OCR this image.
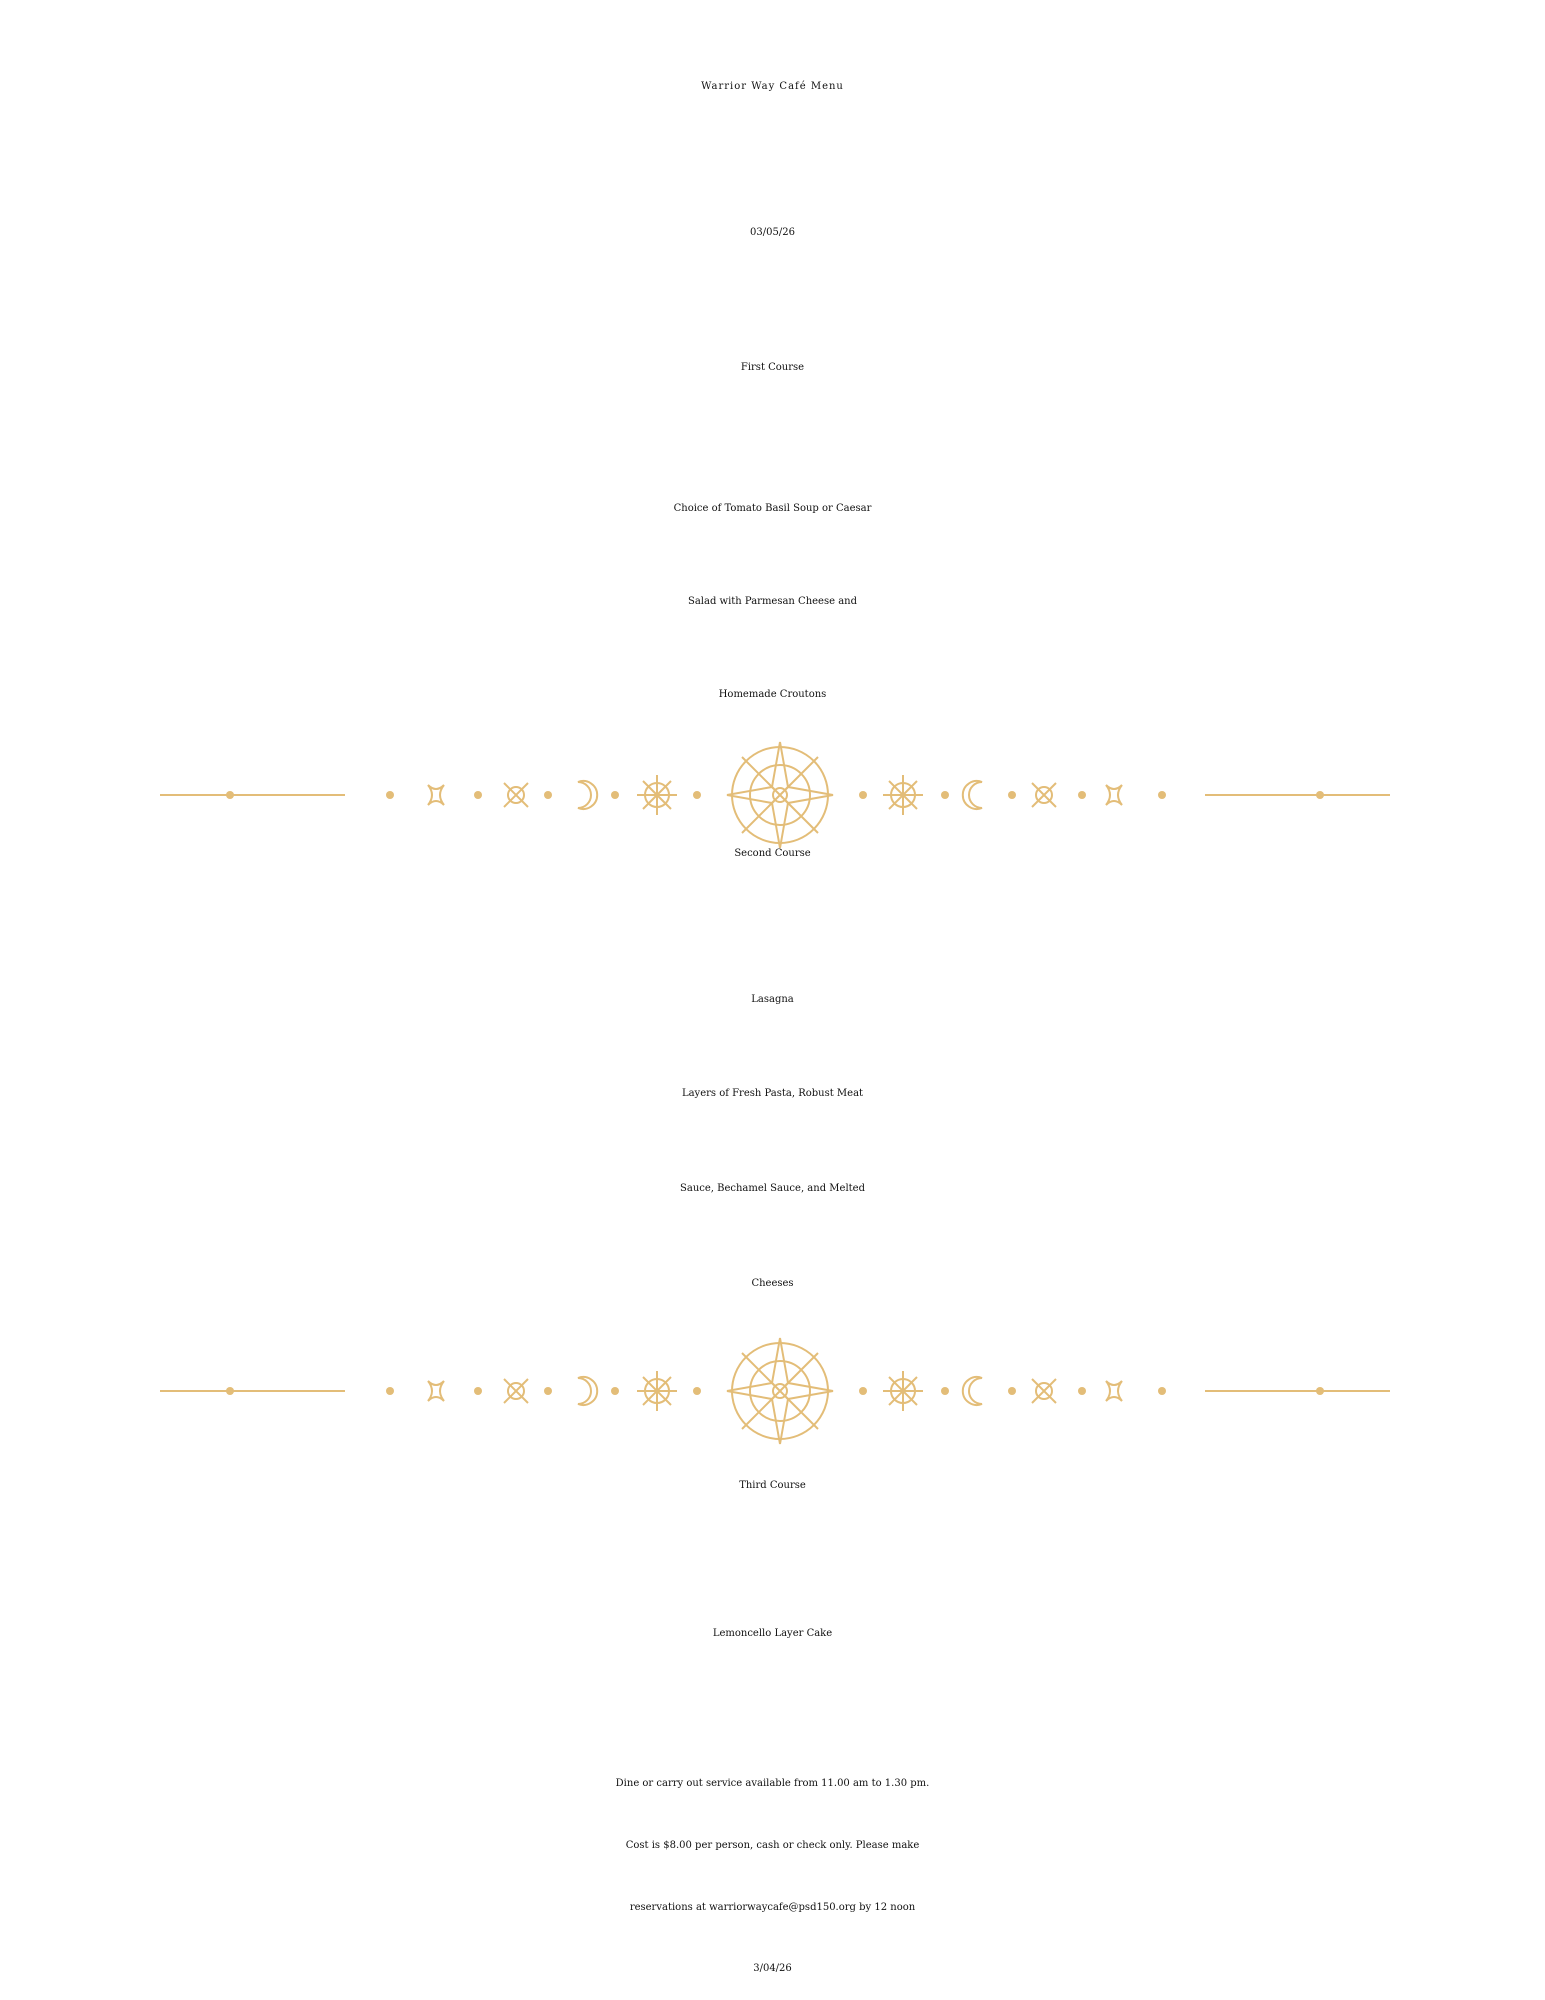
Warrior Way Café Menu
03/05/26
First Course
Choice of Tomato Basil Soup or Caesar
Salad with Parmesan Cheese and
Homemade Croutons
Second Course
Lasagna
Layers of Fresh Pasta, Robust Meat
Sauce, Bechamel Sauce, and Melted
Cheeses
Third Course
Lemoncello Layer Cake
Dine or carry out service available from 11.00 am to 1.30 pm.
Cost is $8.00 per person, cash or check only. Please make
reservations at warriorwaycafe@psd150.org by 12 noon
3/04/26
